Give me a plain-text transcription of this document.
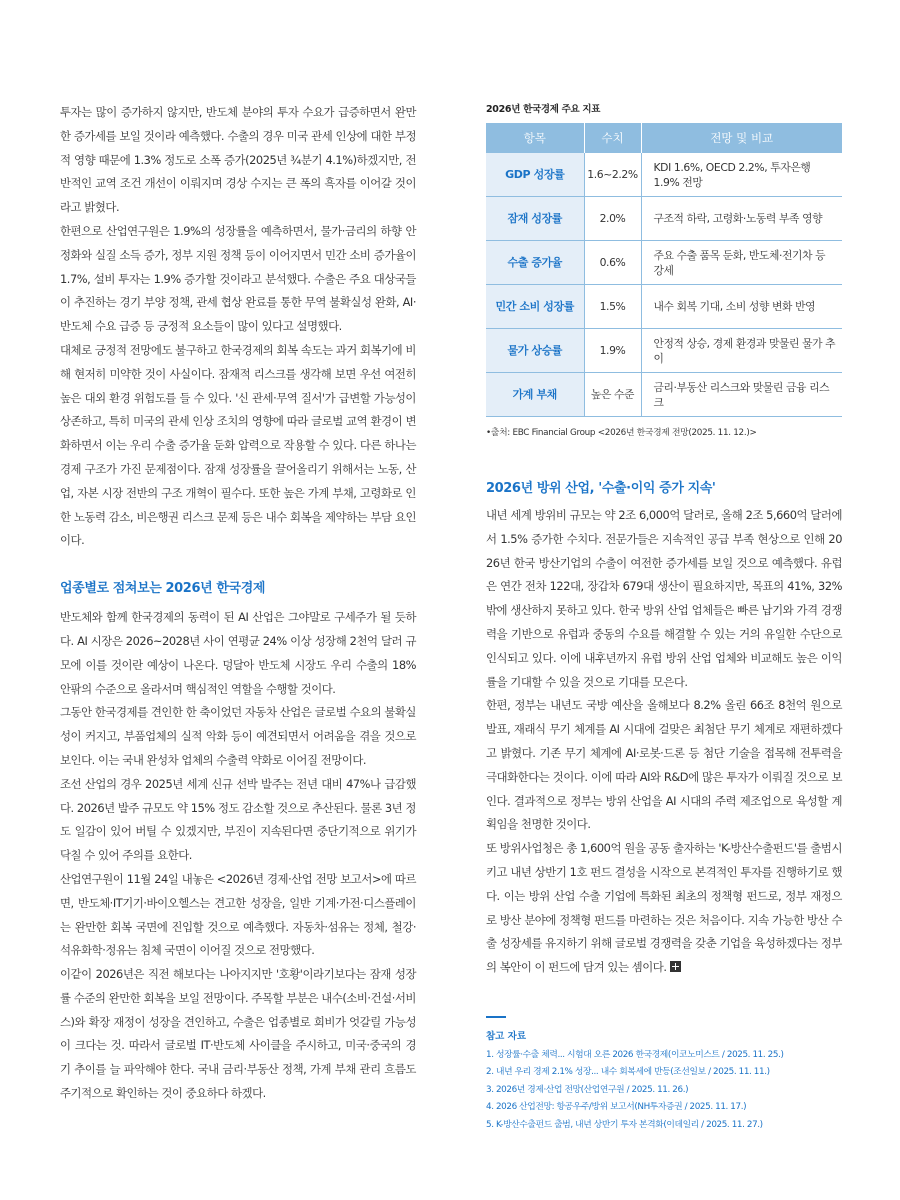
투자는 많이 증가하지 않지만, 반도체 분야의 투자 수요가 급증하면서 완만한 증가세를 보일 것이라 예측했다. 수출의 경우 미국 관세 인상에 대한 부정적 영향 때문에 1.3% 정도로 소폭 증가(2025년 ¾분기 4.1%)하겠지만, 전반적인 교역 조건 개선이 이뤄지며 경상 수지는 큰 폭의 흑자를 이어갈 것이라고 밝혔다.

한편으로 산업연구원은 1.9%의 성장률을 예측하면서, 물가·금리의 하향 안정화와 실질 소득 증가, 정부 지원 정책 등이 이어지면서 민간 소비 증가율이 1.7%, 설비 투자는 1.9% 증가할 것이라고 분석했다. 수출은 주요 대상국들이 추진하는 경기 부양 정책, 관세 협상 완료를 통한 무역 불확실성 완화, AI·반도체 수요 급증 등 긍정적 요소들이 많이 있다고 설명했다.

대체로 긍정적 전망에도 불구하고 한국경제의 회복 속도는 과거 회복기에 비해 현저히 미약한 것이 사실이다. 잠재적 리스크를 생각해 보면 우선 여전히 높은 대외 환경 위험도를 들 수 있다. '신 관세·무역 질서'가 급변할 가능성이 상존하고, 특히 미국의 관세 인상 조치의 영향에 따라 글로벌 교역 환경이 변화하면서 이는 우리 수출 증가율 둔화 압력으로 작용할 수 있다. 다른 하나는 경제 구조가 가진 문제점이다. 잠재 성장률을 끌어올리기 위해서는 노동, 산업, 자본 시장 전반의 구조 개혁이 필수다. 또한 높은 가계 부채, 고령화로 인한 노동력 감소, 비은행권 리스크 문제 등은 내수 회복을 제약하는 부담 요인이다.

업종별로 점쳐보는 2026년 한국경제

반도체와 함께 한국경제의 동력이 된 AI 산업은 그야말로 구세주가 될 듯하다. AI 시장은 2026~2028년 사이 연평균 24% 이상 성장해 2천억 달러 규모에 이를 것이란 예상이 나온다. 덩달아 반도체 시장도 우리 수출의 18% 안팎의 수준으로 올라서며 핵심적인 역할을 수행할 것이다.

그동안 한국경제를 견인한 한 축이었던 자동차 산업은 글로벌 수요의 불확실성이 커지고, 부품업체의 실적 악화 등이 예견되면서 어려움을 겪을 것으로 보인다. 이는 국내 완성차 업체의 수출력 약화로 이어질 전망이다.

조선 산업의 경우 2025년 세계 신규 선박 발주는 전년 대비 47%나 급감했다. 2026년 발주 규모도 약 15% 정도 감소할 것으로 추산된다. 물론 3년 정도 일감이 있어 버틸 수 있겠지만, 부진이 지속된다면 중단기적으로 위기가 닥칠 수 있어 주의를 요한다.

산업연구원이 11월 24일 내놓은 <2026년 경제·산업 전망 보고서>에 따르면, 반도체·IT기기·바이오헬스는 견고한 성장을, 일반 기계·가전·디스플레이는 완만한 회복 국면에 진입할 것으로 예측했다. 자동차·섬유는 정체, 철강·석유화학·정유는 침체 국면이 이어질 것으로 전망했다.

이같이 2026년은 직전 해보다는 나아지지만 '호황'이라기보다는 잠재 성장률 수준의 완만한 회복을 보일 전망이다. 주목할 부분은 내수(소비·건설·서비스)와 확장 재정이 성장을 견인하고, 수출은 업종별로 희비가 엇갈릴 가능성이 크다는 것. 따라서 글로벌 IT·반도체 사이클을 주시하고, 미국·중국의 경기 추이를 늘 파악해야 한다. 국내 금리·부동산 정책, 가계 부채 관리 흐름도 주기적으로 확인하는 것이 중요하다 하겠다.

2026년 한국경제 주요 지표
항목	수치	전망 및 비교
GDP 성장률	1.6~2.2%	KDI 1.6%, OECD 2.2%, 투자은행 1.9% 전망
잠재 성장률	2.0%	구조적 하락, 고령화·노동력 부족 영향
수출 증가율	0.6%	주요 수출 품목 둔화, 반도체·전기차 등 강세
민간 소비 성장률	1.5%	내수 회복 기대, 소비 성향 변화 반영
물가 상승률	1.9%	안정적 상승, 경제 환경과 맞물린 물가 추이
가계 부채	높은 수준	금리·부동산 리스크와 맞물린 금융 리스크
•출처: EBC Financial Group <2026년 한국경제 전망(2025. 11. 12.)>
2026년 방위 산업, '수출·이익 증가 지속'

내년 세계 방위비 규모는 약 2조 6,000억 달러로, 올해 2조 5,660억 달러에서 1.5% 증가한 수치다. 전문가들은 지속적인 공급 부족 현상으로 인해 2026년 한국 방산기업의 수출이 여전한 증가세를 보일 것으로 예측했다. 유럽은 연간 전차 122대, 장갑차 679대 생산이 필요하지만, 목표의 41%, 32%밖에 생산하지 못하고 있다. 한국 방위 산업 업체들은 빠른 납기와 가격 경쟁력을 기반으로 유럽과 중동의 수요를 해결할 수 있는 거의 유일한 수단으로 인식되고 있다. 이에 내후년까지 유럽 방위 산업 업체와 비교해도 높은 이익률을 기대할 수 있을 것으로 기대를 모은다.

한편, 정부는 내년도 국방 예산을 올해보다 8.2% 올린 66조 8천억 원으로 발표, 재래식 무기 체계를 AI 시대에 걸맞은 최첨단 무기 체계로 재편하겠다고 밝혔다. 기존 무기 체계에 AI·로봇·드론 등 첨단 기술을 접목해 전투력을 극대화한다는 것이다. 이에 따라 AI와 R&D에 많은 투자가 이뤄질 것으로 보인다. 결과적으로 정부는 방위 산업을 AI 시대의 주력 제조업으로 육성할 계획임을 천명한 것이다.

또 방위사업청은 총 1,600억 원을 공동 출자하는 'K-방산수출펀드'를 출범시키고 내년 상반기 1호 펀드 결성을 시작으로 본격적인 투자를 진행하기로 했다. 이는 방위 산업 수출 기업에 특화된 최초의 정책형 펀드로, 정부 재정으로 방산 분야에 정책형 펀드를 마련하는 것은 처음이다. 지속 가능한 방산 수출 성장세를 유지하기 위해 글로벌 경쟁력을 갖춘 기업을 육성하겠다는 정부의 복안이 이 펀드에 담겨 있는 셈이다.

참고 자료
1. 성장률·수출 체력... 시험대 오른 2026 한국경제(이코노미스트 / 2025. 11. 25.)
2. 내년 우리 경제 2.1% 성장... 내수 회복세에 반등(조선일보 / 2025. 11. 11.)
3. 2026년 경제·산업 전망(산업연구원 / 2025. 11. 26.)
4. 2026 산업전망: 항공우주/방위 보고서(NH투자증권 / 2025. 11. 17.)
5. K-방산수출펀드 출범, 내년 상반기 투자 본격화(이데일리 / 2025. 11. 27.)
